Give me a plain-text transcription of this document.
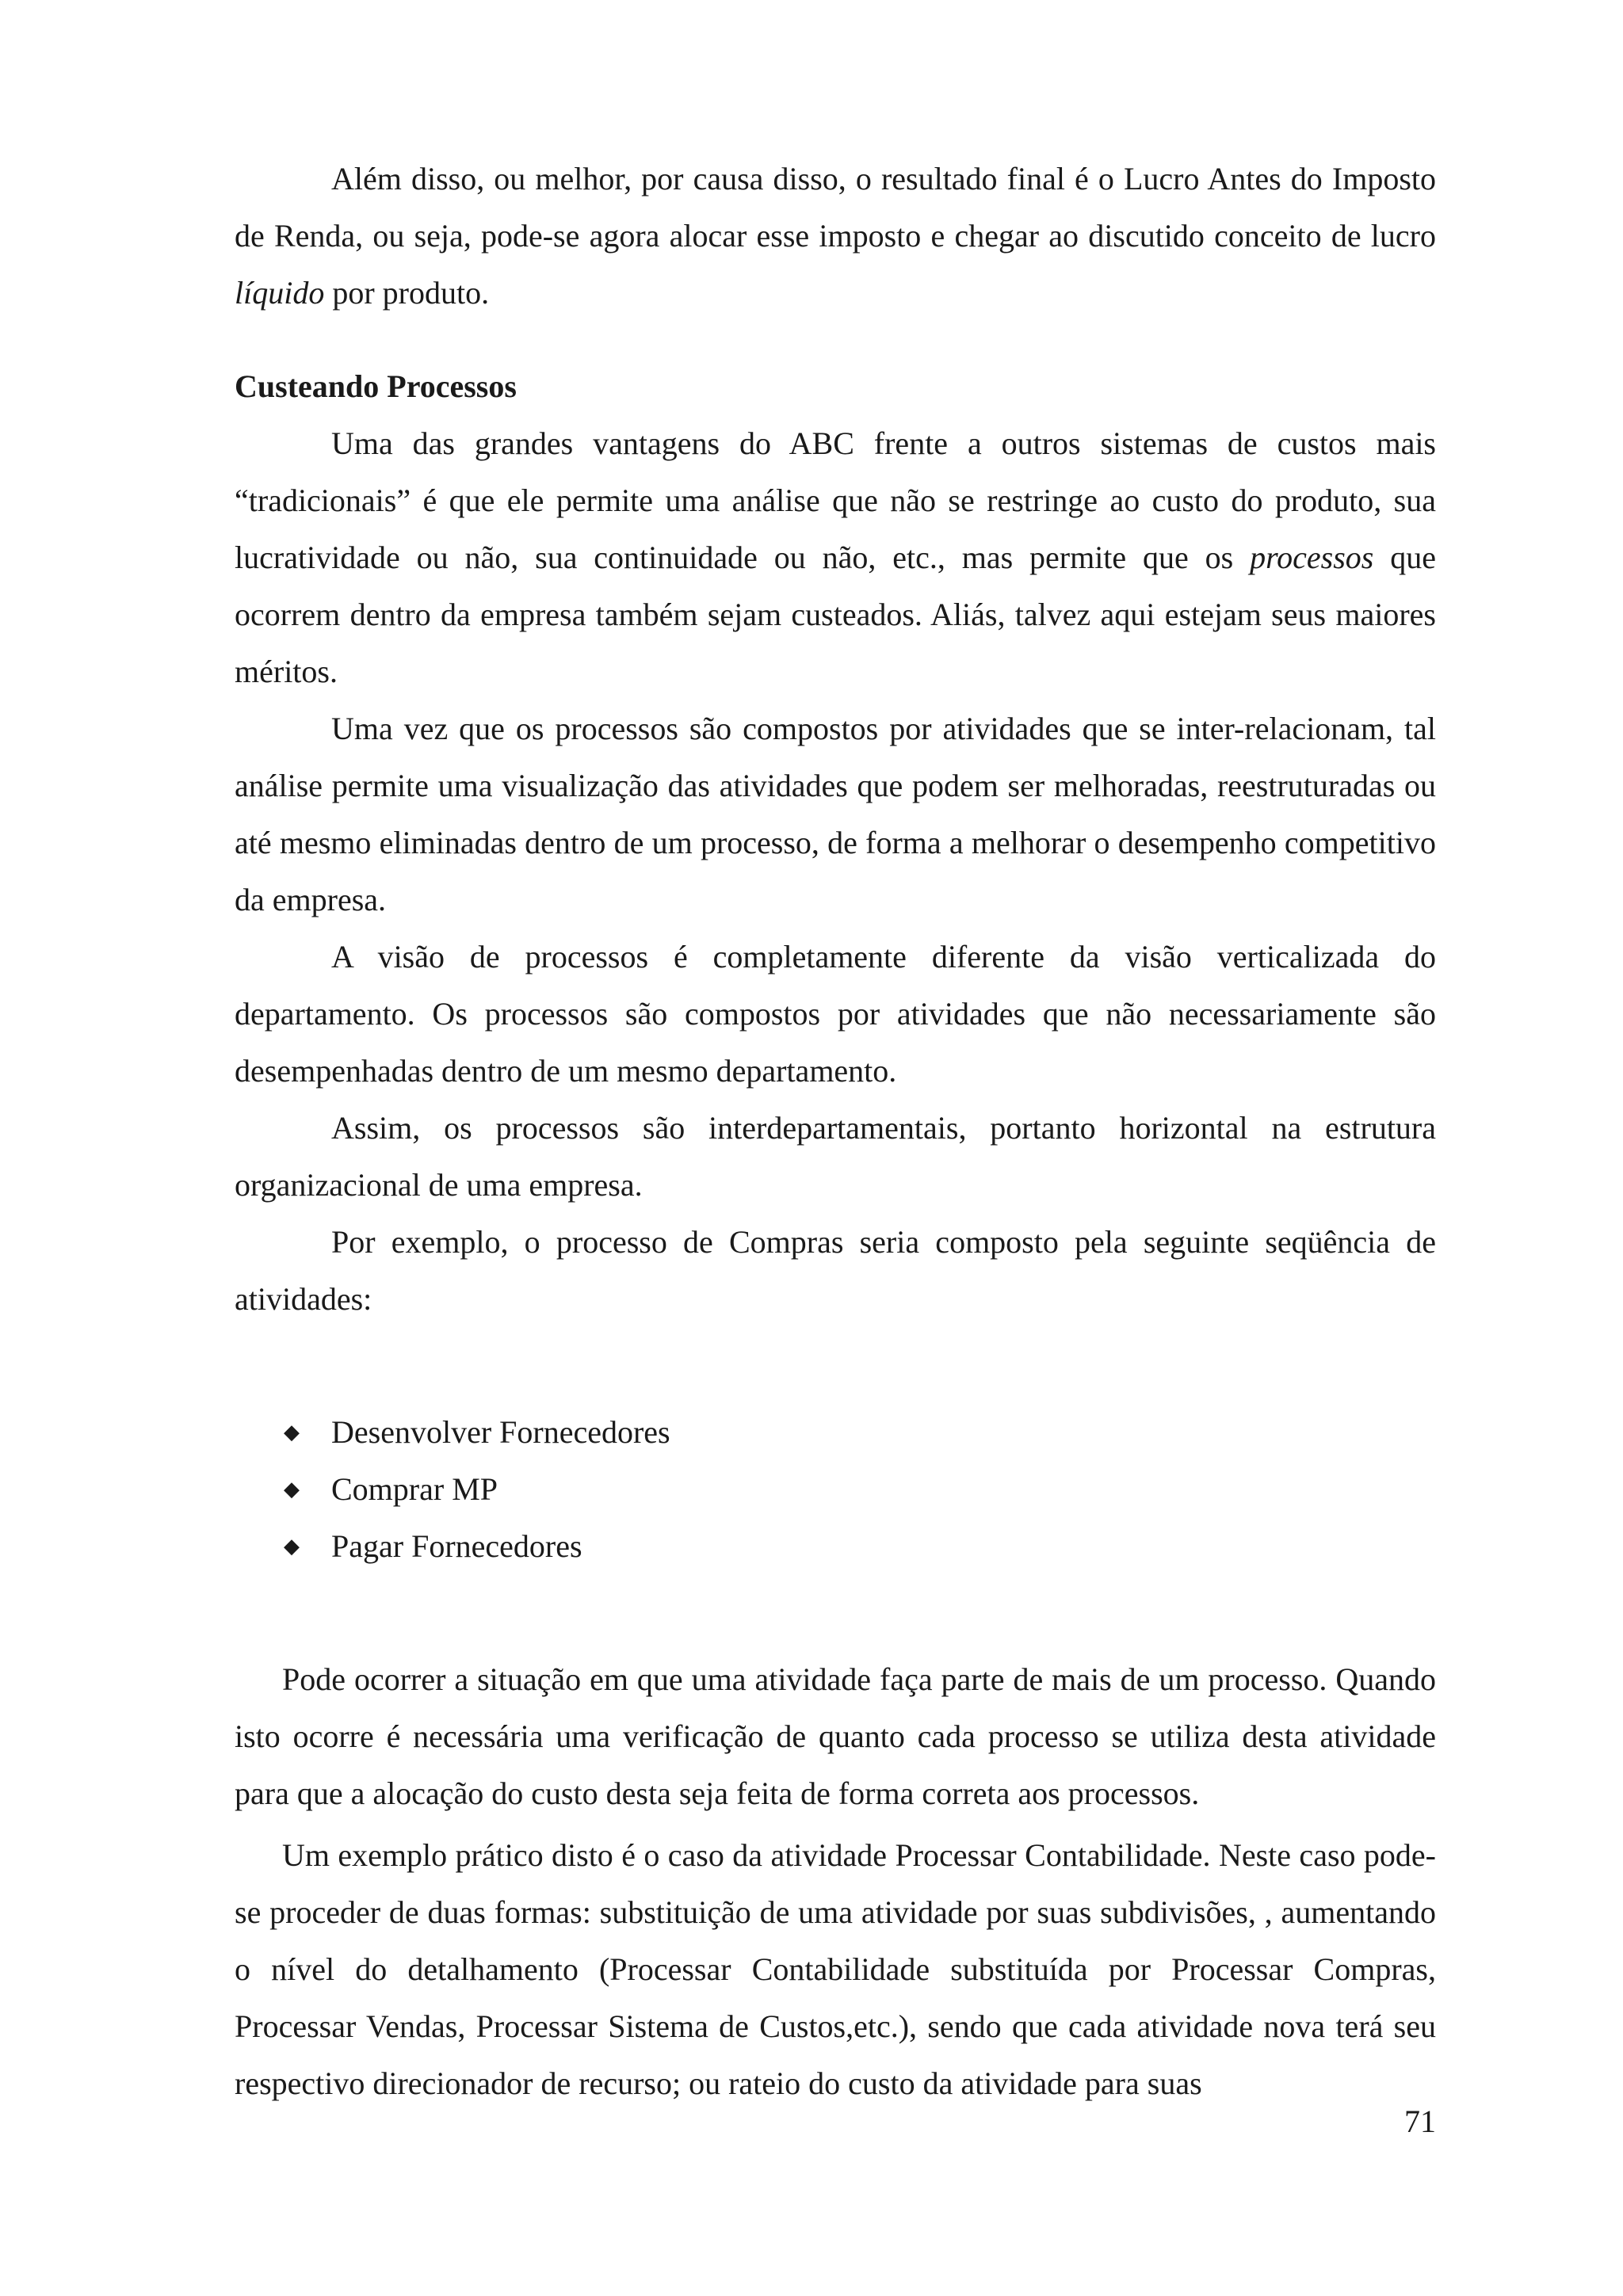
Além disso, ou melhor, por causa disso, o resultado final é o Lucro Antes do Imposto de Renda, ou seja, pode-se agora alocar esse imposto e chegar ao discutido conceito de lucro líquido por produto.

Custeando Processos

Uma das grandes vantagens do ABC frente a outros sistemas de custos mais “tradicionais” é que ele permite uma análise que não se restringe ao custo do produto, sua lucratividade ou não, sua continuidade ou não, etc., mas permite que os processos que ocorrem dentro da empresa também sejam custeados. Aliás, talvez aqui estejam seus maiores méritos.

Uma vez que os processos são compostos por atividades que se inter-relacionam, tal análise permite uma visualização das atividades que podem ser melhoradas, reestruturadas ou até mesmo eliminadas dentro de um processo, de forma a melhorar o desempenho competitivo da empresa.

A visão de processos é completamente diferente da visão verticalizada do departamento. Os processos são compostos por atividades que não necessariamente são desempenhadas dentro de um mesmo departamento.

Assim, os processos são interdepartamentais, portanto horizontal na estrutura organizacional de uma empresa.

Por exemplo, o processo de Compras seria composto pela seguinte seqüência de atividades:

◆ Desenvolver Fornecedores
◆ Comprar MP
◆ Pagar Fornecedores

Pode ocorrer a situação em que uma atividade faça parte de mais de um processo. Quando isto ocorre é necessária uma verificação de quanto cada processo se utiliza desta atividade para que a alocação do custo desta seja feita de forma correta aos processos.

Um exemplo prático disto é o caso da atividade Processar Contabilidade. Neste caso pode-se proceder de duas formas: substituição de uma atividade por suas subdivisões, , aumentando o nível do detalhamento (Processar Contabilidade substituída por Processar Compras, Processar Vendas, Processar Sistema de Custos,etc.), sendo que cada atividade nova terá seu respectivo direcionador de recurso; ou rateio do custo da atividade para suas

71
